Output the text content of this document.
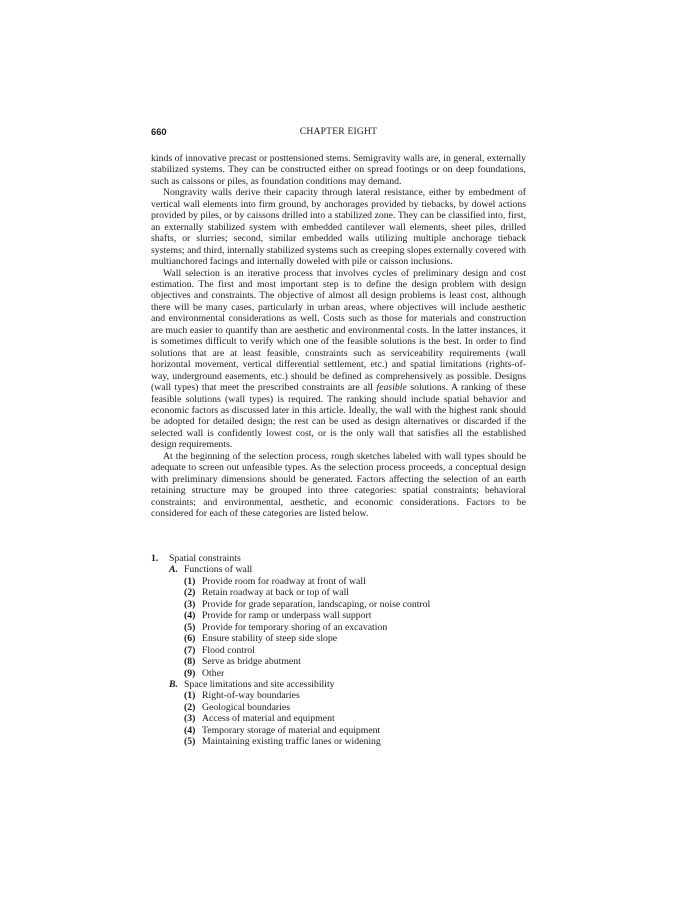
660	CHAPTER EIGHT

kinds of innovative precast or posttensioned stems. Semigravity walls are, in general, externally stabilized systems. They can be constructed either on spread footings or on deep foundations, such as caissons or piles, as foundation conditions may demand.

Nongravity walls derive their capacity through lateral resistance, either by embedment of vertical wall elements into firm ground, by anchorages provided by tiebacks, by dowel actions provided by piles, or by caissons drilled into a stabilized zone. They can be classified into, first, an externally stabilized system with embedded cantilever wall elements, sheet piles, drilled shafts, or slurries; second, similar embedded walls utilizing multiple anchorage tieback systems; and third, internally stabilized systems such as creeping slopes externally covered with multianchored facings and internally doweled with pile or caisson inclusions.

Wall selection is an iterative process that involves cycles of preliminary design and cost estimation. The first and most important step is to define the design problem with design objectives and constraints. The objective of almost all design problems is least cost, although there will be many cases, particularly in urban areas, where objectives will include aesthetic and environmental considerations as well. Costs such as those for materials and construction are much easier to quantify than are aesthetic and environmental costs. In the latter instances, it is sometimes difficult to verify which one of the feasible solutions is the best. In order to find solutions that are at least feasible, constraints such as serviceability requirements (wall horizontal movement, vertical differential settlement, etc.) and spatial limitations (rights-of-way, underground easements, etc.) should be defined as comprehensively as possible. Designs (wall types) that meet the prescribed constraints are all feasible solutions. A ranking of these feasible solutions (wall types) is required. The ranking should include spatial behavior and economic factors as discussed later in this article. Ideally, the wall with the highest rank should be adopted for detailed design; the rest can be used as design alternatives or discarded if the selected wall is confidently lowest cost, or is the only wall that satisfies all the established design requirements.

At the beginning of the selection process, rough sketches labeled with wall types should be adequate to screen out unfeasible types. As the selection process proceeds, a conceptual design with preliminary dimensions should be generated. Factors affecting the selection of an earth retaining structure may be grouped into three categories: spatial constraints; behavioral constraints; and environmental, aesthetic, and economic considerations. Factors to be considered for each of these categories are listed below.

1.	Spatial constraints
A. Functions of wall
(1) Provide room for roadway at front of wall
(2) Retain roadway at back or top of wall
(3) Provide for grade separation, landscaping, or noise control
(4) Provide for ramp or underpass wall support
(5) Provide for temporary shoring of an excavation
(6) Ensure stability of steep side slope
(7) Flood control
(8) Serve as bridge abutment
(9) Other
B. Space limitations and site accessibility
(1) Right-of-way boundaries
(2) Geological boundaries
(3) Access of material and equipment
(4) Temporary storage of material and equipment
(5) Maintaining existing traffic lanes or widening
